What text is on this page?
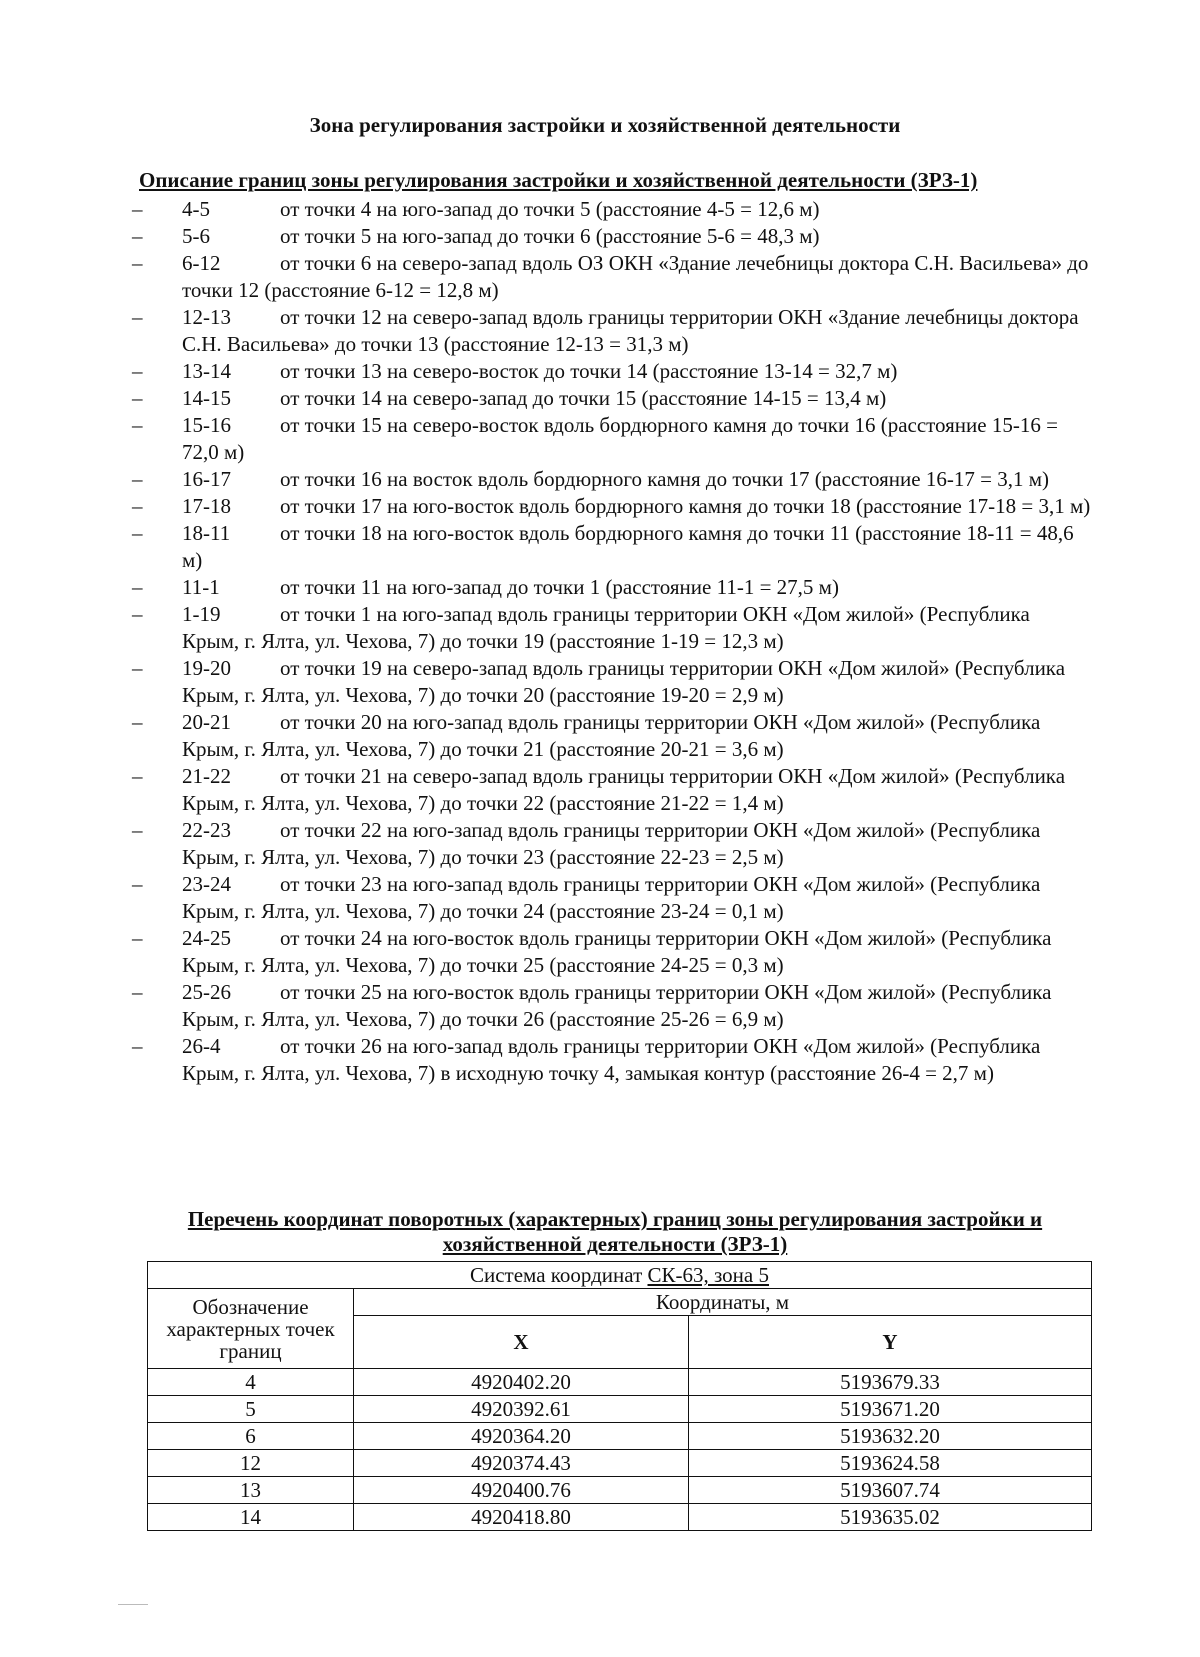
Зона регулирования застройки и хозяйственной деятельности
Описание границ зоны регулирования застройки и хозяйственной деятельности (ЗРЗ-1)
– 4-5	от точки 4 на юго-запад до точки 5 (расстояние 4-5 = 12,6 м)
– 5-6	от точки 5 на юго-запад до точки 6 (расстояние 5-6 = 48,3 м)
– 6-12	от точки 6 на северо-запад вдоль ОЗ ОКН «Здание лечебницы доктора С.Н. Васильева» до точки 12 (расстояние 6-12 = 12,8 м)
– 12-13 от точки 12 на северо-запад вдоль границы территории ОКН «Здание лечебницы доктора С.Н. Васильева» до точки 13 (расстояние 12-13 = 31,3 м)
– 13-14 от точки 13 на северо-восток до точки 14 (расстояние 13-14 = 32,7 м)
– 14-15 от точки 14 на северо-запад до точки 15 (расстояние 14-15 = 13,4 м)
– 15-16 от точки 15 на северо-восток вдоль бордюрного камня до точки 16 (расстояние 15-16 = 72,0 м)
– 16-17 от точки 16 на восток вдоль бордюрного камня до точки 17 (расстояние 16-17 = 3,1 м)
– 17-18 от точки 17 на юго-восток вдоль бордюрного камня до точки 18 (расстояние 17-18 = 3,1 м)
– 18-11 от точки 18 на юго-восток вдоль бордюрного камня до точки 11 (расстояние 18-11 = 48,6 м)
– 11-1	от точки 11 на юго-запад до точки 1 (расстояние 11-1 = 27,5 м)
– 1-19	от точки 1 на юго-запад вдоль границы территории ОКН «Дом жилой» (Республика Крым, г. Ялта, ул. Чехова, 7) до точки 19 (расстояние 1-19 = 12,3 м)
– 19-20 от точки 19 на северо-запад вдоль границы территории ОКН «Дом жилой» (Республика Крым, г. Ялта, ул. Чехова, 7) до точки 20 (расстояние 19-20 = 2,9 м)
– 20-21 от точки 20 на юго-запад вдоль границы территории ОКН «Дом жилой» (Республика Крым, г. Ялта, ул. Чехова, 7) до точки 21 (расстояние 20-21 = 3,6 м)
– 21-22 от точки 21 на северо-запад вдоль границы территории ОКН «Дом жилой» (Республика Крым, г. Ялта, ул. Чехова, 7) до точки 22 (расстояние 21-22 = 1,4 м)
– 22-23 от точки 22 на юго-запад вдоль границы территории ОКН «Дом жилой» (Республика Крым, г. Ялта, ул. Чехова, 7) до точки 23 (расстояние 22-23 = 2,5 м)
– 23-24 от точки 23 на юго-запад вдоль границы территории ОКН «Дом жилой» (Республика Крым, г. Ялта, ул. Чехова, 7) до точки 24 (расстояние 23-24 = 0,1 м)
– 24-25 от точки 24 на юго-восток вдоль границы территории ОКН «Дом жилой» (Республика Крым, г. Ялта, ул. Чехова, 7) до точки 25 (расстояние 24-25 = 0,3 м)
– 25-26 от точки 25 на юго-восток вдоль границы территории ОКН «Дом жилой» (Республика Крым, г. Ялта, ул. Чехова, 7) до точки 26 (расстояние 25-26 = 6,9 м)
– 26-4	от точки 26 на юго-запад вдоль границы территории ОКН «Дом жилой» (Республика Крым, г. Ялта, ул. Чехова, 7) в исходную точку 4, замыкая контур (расстояние 26-4 = 2,7 м)
Перечень координат поворотных (характерных) границ зоны регулирования застройки и хозяйственной деятельности (ЗРЗ-1)
Система координат СК-63, зона 5		
Обозначение характерных точек границ	Координаты, м	
	X	Y
4	4920402.20	5193679.33
5	4920392.61	5193671.20
6	4920364.20	5193632.20
12	4920374.43	5193624.58
13	4920400.76	5193607.74
14	4920418.80	5193635.02
